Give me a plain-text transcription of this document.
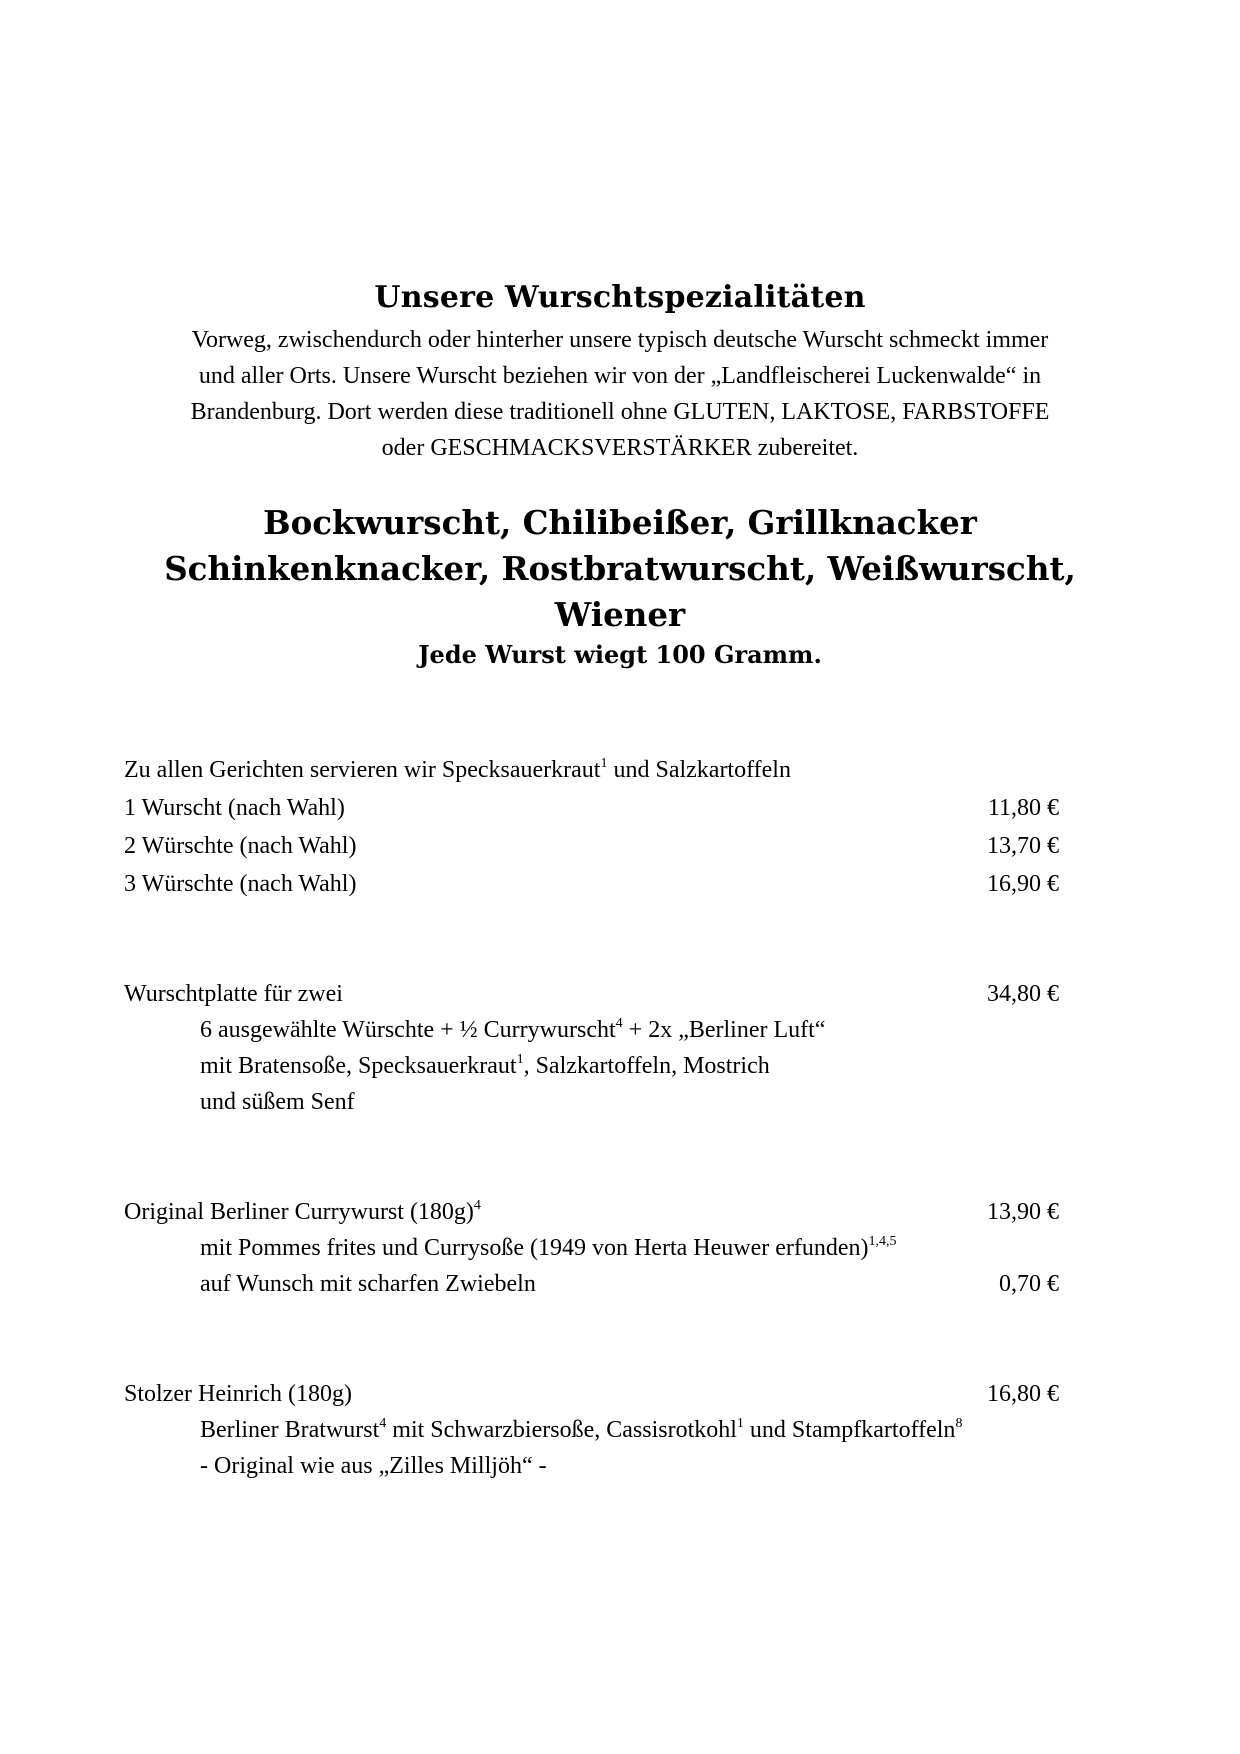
Unsere Wurschtspezialitäten
Vorweg, zwischendurch oder hinterher unsere typisch deutsche Wurscht schmeckt immer
und aller Orts. Unsere Wurscht beziehen wir von der „Landfleischerei Luckenwalde“ in
Brandenburg. Dort werden diese traditionell ohne GLUTEN, LAKTOSE, FARBSTOFFE
oder GESCHMACKSVERSTÄRKER zubereitet.
Bockwurscht, Chilibeißer, Grillknacker
Schinkenknacker, Rostbratwurscht, Weißwurscht,
Wiener
Jede Wurst wiegt 100 Gramm.
Zu allen Gerichten servieren wir Specksauerkraut$^1$ und Salzkartoffeln
1 Wurscht (nach Wahl)	11,80 €
2 Würschte (nach Wahl)	13,70 €
3 Würschte (nach Wahl)	16,90 €
Wurschtplatte für zwei	34,80 €
6 ausgewählte Würschte + ½ Currywurscht$^4$ + 2x „Berliner Luft“
mit Bratensoße, Specksauerkraut$^1$, Salzkartoffeln, Mostrich
und süßem Senf
Original Berliner Currywurst $(180g)^4$	13,90 €
mit Pommes frites und Currysoße (1949 von Herta Heuwer erfunden)$^{1,4,5}$
auf Wunsch mit scharfen Zwiebeln	0,70 €
Stolzer Heinrich (180g)	16,80 €
Berliner Bratwurst$^4$ mit Schwarzbiersoße, Cassisrotkohl$^1$ und Stampfkartoffeln$^8$
- Original wie aus „Zilles Milljöh“ -
